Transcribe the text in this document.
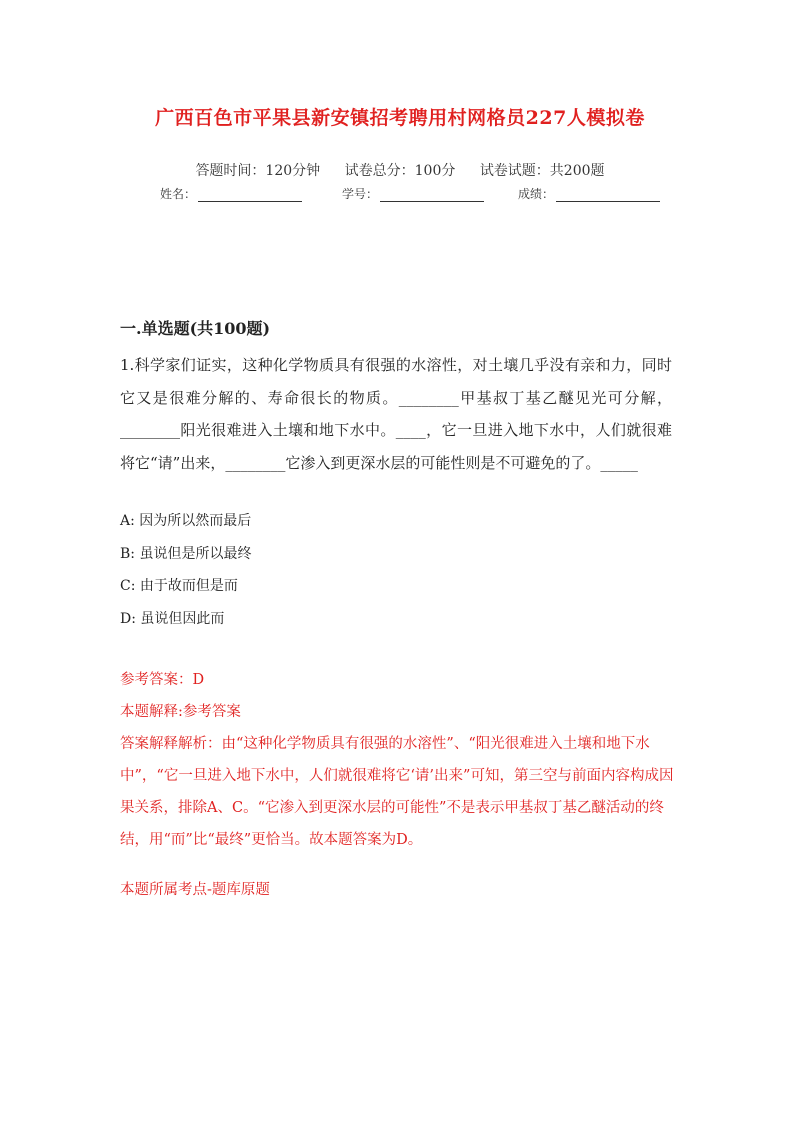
广西百色市平果县新安镇招考聘用村网格员227人模拟卷
答题时间：120分钟 试卷总分：100分 试卷试题：共200题
姓名：	学号：	成绩：
一.单选题(共100题)
1.科学家们证实，这种化学物质具有很强的水溶性，对土壤几乎没有亲和力，同时它又是很难分解的、寿命很长的物质。________甲基叔丁基乙醚见光可分解，________阳光很难进入土壤和地下水中。____，它一旦进入地下水中，人们就很难将它“请”出来，________它渗入到更深水层的可能性则是不可避免的了。_____
A: 因为所以然而最后
B: 虽说但是所以最终
C: 由于故而但是而
D: 虽说但因此而
参考答案：D
本题解释:参考答案
答案解释解析：由“这种化学物质具有很强的水溶性”、“阳光很难进入土壤和地下水中”，“它一旦进入地下水中，人们就很难将它‘请’出来”可知，第三空与前面内容构成因果关系，排除A、C。“它渗入到更深水层的可能性”不是表示甲基叔丁基乙醚活动的终结，用“而”比“最终”更恰当。故本题答案为D。
本题所属考点-题库原题
